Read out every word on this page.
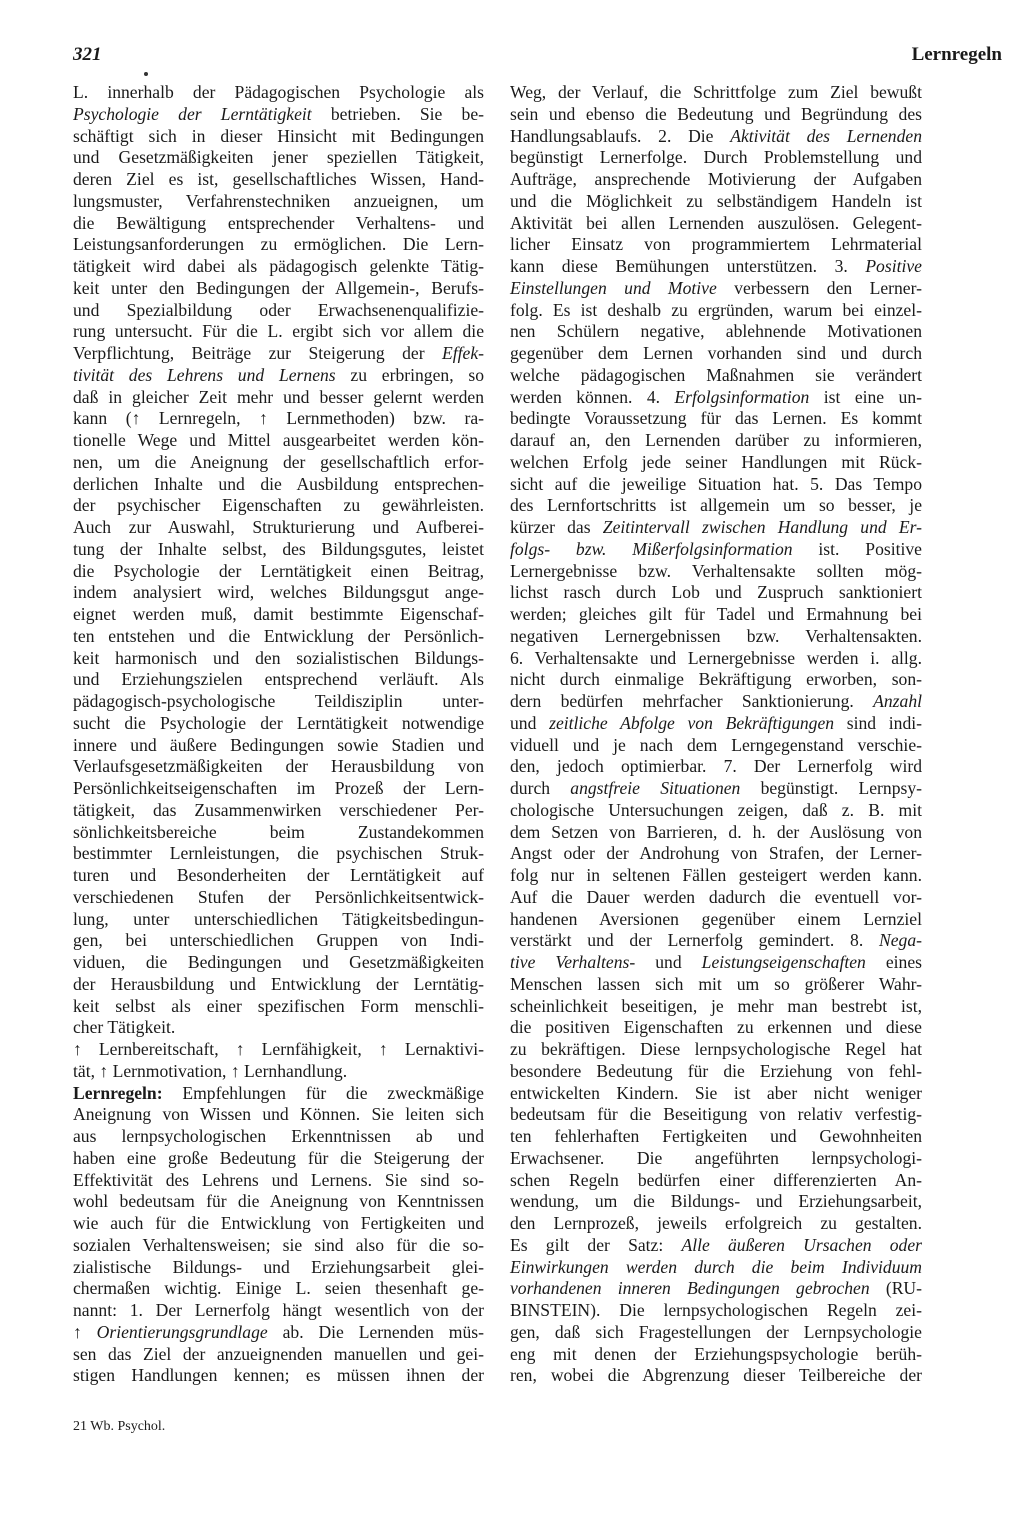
321	Lernregeln
L. innerhalb der Pädagogischen Psychologie als
Psychologie der Lerntätigkeit betrieben. Sie be-
schäftigt sich in dieser Hinsicht mit Bedingungen
und Gesetzmäßigkeiten jener speziellen Tätigkeit,
deren Ziel es ist, gesellschaftliches Wissen, Hand-
lungsmuster, Verfahrenstechniken anzueignen, um
die Bewältigung entsprechender Verhaltens- und
Leistungsanforderungen zu ermöglichen. Die Lern-
tätigkeit wird dabei als pädagogisch gelenkte Tätig-
keit unter den Bedingungen der Allgemein-, Berufs-
und Spezialbildung oder Erwachsenenqualifizie-
rung untersucht. Für die L. ergibt sich vor allem die
Verpflichtung, Beiträge zur Steigerung der Effek-
tivität des Lehrens und Lernens zu erbringen, so
daß in gleicher Zeit mehr und besser gelernt werden
kann (↑ Lernregeln, ↑ Lernmethoden) bzw. ra-
tionelle Wege und Mittel ausgearbeitet werden kön-
nen, um die Aneignung der gesellschaftlich erfor-
derlichen Inhalte und die Ausbildung entsprechen-
der psychischer Eigenschaften zu gewährleisten.
Auch zur Auswahl, Strukturierung und Aufberei-
tung der Inhalte selbst, des Bildungsgutes, leistet
die Psychologie der Lerntätigkeit einen Beitrag,
indem analysiert wird, welches Bildungsgut ange-
eignet werden muß, damit bestimmte Eigenschaf-
ten entstehen und die Entwicklung der Persönlich-
keit harmonisch und den sozialistischen Bildungs-
und Erziehungszielen entsprechend verläuft. Als
pädagogisch-psychologische Teildisziplin unter-
sucht die Psychologie der Lerntätigkeit notwendige
innere und äußere Bedingungen sowie Stadien und
Verlaufsgesetzmäßigkeiten der Herausbildung von
Persönlichkeitseigenschaften im Prozeß der Lern-
tätigkeit, das Zusammenwirken verschiedener Per-
sönlichkeitsbereiche beim Zustandekommen
bestimmter Lernleistungen, die psychischen Struk-
turen und Besonderheiten der Lerntätigkeit auf
verschiedenen Stufen der Persönlichkeitsentwick-
lung, unter unterschiedlichen Tätigkeitsbedingun-
gen, bei unterschiedlichen Gruppen von Indi-
viduen, die Bedingungen und Gesetzmäßigkeiten
der Herausbildung und Entwicklung der Lerntätig-
keit selbst als einer spezifischen Form menschli-
cher Tätigkeit.
↑ Lernbereitschaft, ↑ Lernfähigkeit, ↑ Lernaktivi-
tät, ↑ Lernmotivation, ↑ Lernhandlung.
Lernregeln: Empfehlungen für die zweckmäßige
Aneignung von Wissen und Können. Sie leiten sich
aus lernpsychologischen Erkenntnissen ab und
haben eine große Bedeutung für die Steigerung der
Effektivität des Lehrens und Lernens. Sie sind so-
wohl bedeutsam für die Aneignung von Kenntnissen
wie auch für die Entwicklung von Fertigkeiten und
sozialen Verhaltensweisen; sie sind also für die so-
zialistische Bildungs- und Erziehungsarbeit glei-
chermaßen wichtig. Einige L. seien thesenhaft ge-
nannt: 1. Der Lernerfolg hängt wesentlich von der
↑ Orientierungsgrundlage ab. Die Lernenden müs-
sen das Ziel der anzueignenden manuellen und gei-
stigen Handlungen kennen; es müssen ihnen der
Weg, der Verlauf, die Schrittfolge zum Ziel bewußt
sein und ebenso die Bedeutung und Begründung des
Handlungsablaufs. 2. Die Aktivität des Lernenden
begünstigt Lernerfolge. Durch Problemstellung und
Aufträge, ansprechende Motivierung der Aufgaben
und die Möglichkeit zu selbständigem Handeln ist
Aktivität bei allen Lernenden auszulösen. Gelegent-
licher Einsatz von programmiertem Lehrmaterial
kann diese Bemühungen unterstützen. 3. Positive
Einstellungen und Motive verbessern den Lerner-
folg. Es ist deshalb zu ergründen, warum bei einzel-
nen Schülern negative, ablehnende Motivationen
gegenüber dem Lernen vorhanden sind und durch
welche pädagogischen Maßnahmen sie verändert
werden können. 4. Erfolgsinformation ist eine un-
bedingte Voraussetzung für das Lernen. Es kommt
darauf an, den Lernenden darüber zu informieren,
welchen Erfolg jede seiner Handlungen mit Rück-
sicht auf die jeweilige Situation hat. 5. Das Tempo
des Lernfortschritts ist allgemein um so besser, je
kürzer das Zeitintervall zwischen Handlung und Er-
folgs- bzw. Mißerfolgsinformation ist. Positive
Lernergebnisse bzw. Verhaltensakte sollten mög-
lichst rasch durch Lob und Zuspruch sanktioniert
werden; gleiches gilt für Tadel und Ermahnung bei
negativen Lernergebnissen bzw. Verhaltensakten.
6. Verhaltensakte und Lernergebnisse werden i. allg.
nicht durch einmalige Bekräftigung erworben, son-
dern bedürfen mehrfacher Sanktionierung. Anzahl
und zeitliche Abfolge von Bekräftigungen sind indi-
viduell und je nach dem Lerngegenstand verschie-
den, jedoch optimierbar. 7. Der Lernerfolg wird
durch angstfreie Situationen begünstigt. Lernpsy-
chologische Untersuchungen zeigen, daß z. B. mit
dem Setzen von Barrieren, d. h. der Auslösung von
Angst oder der Androhung von Strafen, der Lerner-
folg nur in seltenen Fällen gesteigert werden kann.
Auf die Dauer werden dadurch die eventuell vor-
handenen Aversionen gegenüber einem Lernziel
verstärkt und der Lernerfolg gemindert. 8. Nega-
tive Verhaltens- und Leistungseigenschaften eines
Menschen lassen sich mit um so größerer Wahr-
scheinlichkeit beseitigen, je mehr man bestrebt ist,
die positiven Eigenschaften zu erkennen und diese
zu bekräftigen. Diese lernpsychologische Regel hat
besondere Bedeutung für die Erziehung von fehl-
entwickelten Kindern. Sie ist aber nicht weniger
bedeutsam für die Beseitigung von relativ verfestig-
ten fehlerhaften Fertigkeiten und Gewohnheiten
Erwachsener. Die angeführten lernpsychologi-
schen Regeln bedürfen einer differenzierten An-
wendung, um die Bildungs- und Erziehungsarbeit,
den Lernprozeß, jeweils erfolgreich zu gestalten.
Es gilt der Satz: Alle äußeren Ursachen oder
Einwirkungen werden durch die beim Individuum
vorhandenen inneren Bedingungen gebrochen (RU-
BINSTEIN). Die lernpsychologischen Regeln zei-
gen, daß sich Fragestellungen der Lernpsychologie
eng mit denen der Erziehungspsychologie berüh-
ren, wobei die Abgrenzung dieser Teilbereiche der
21 Wb. Psychol.
